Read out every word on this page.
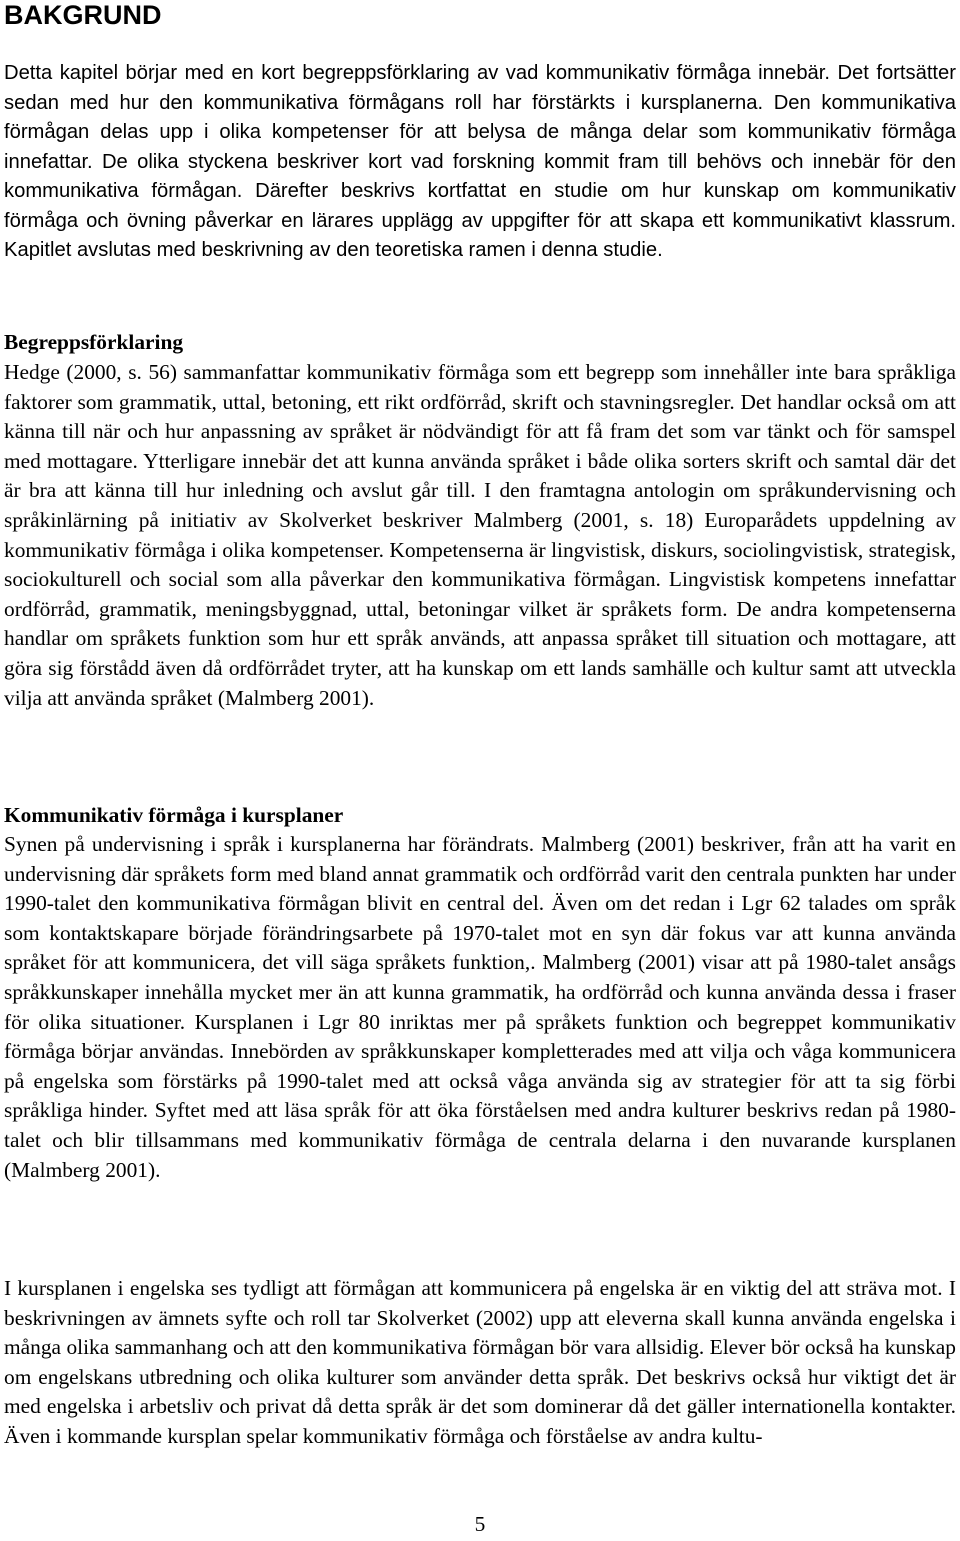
BAKGRUND

Detta kapitel börjar med en kort begreppsförklaring av vad kommunikativ förmåga innebär. Det fortsätter sedan med hur den kommunikativa förmågans roll har förstärkts i kursplanerna. Den kommunikativa förmågan delas upp i olika kompetenser för att belysa de många delar som kommunikativ förmåga innefattar. De olika styckena beskriver kort vad forskning kommit fram till behövs och innebär för den kommunikativa förmågan. Därefter beskrivs kortfattat en studie om hur kunskap om kommunikativ förmåga och övning påverkar en lärares upplägg av uppgifter för att skapa ett kommunikativt klassrum. Kapitlet avslutas med beskrivning av den teoretiska ramen i denna studie.

Begreppsförklaring

Hedge (2000, s. 56) sammanfattar kommunikativ förmåga som ett begrepp som innehåller inte bara språkliga faktorer som grammatik, uttal, betoning, ett rikt ordförråd, skrift och stavningsregler. Det handlar också om att känna till när och hur anpassning av språket är nödvändigt för att få fram det som var tänkt och för samspel med mottagare. Ytterligare innebär det att kunna använda språket i både olika sorters skrift och samtal där det är bra att känna till hur inledning och avslut går till. I den framtagna antologin om språkundervisning och språkinlärning på initiativ av Skolverket beskriver Malmberg (2001, s. 18) Europarådets uppdelning av kommunikativ förmåga i olika kompetenser. Kompetenserna är lingvistisk, diskurs, sociolingvistisk, strategisk, sociokulturell och social som alla påverkar den kommunikativa förmågan. Lingvistisk kompetens innefattar ordförråd, grammatik, meningsbyggnad, uttal, betoningar vilket är språkets form. De andra kompetenserna handlar om språkets funktion som hur ett språk används, att anpassa språket till situation och mottagare, att göra sig förstådd även då ordförrådet tryter, att ha kunskap om ett lands samhälle och kultur samt att utveckla vilja att använda språket (Malmberg 2001).

Kommunikativ förmåga i kursplaner

Synen på undervisning i språk i kursplanerna har förändrats. Malmberg (2001) beskriver, från att ha varit en undervisning där språkets form med bland annat grammatik och ordförråd varit den centrala punkten har under 1990-talet den kommunikativa förmågan blivit en central del. Även om det redan i Lgr 62 talades om språk som kontaktskapare började förändringsarbete på 1970-talet mot en syn där fokus var att kunna använda språket för att kommunicera, det vill säga språkets funktion,. Malmberg (2001) visar att på 1980-talet ansågs språkkunskaper innehålla mycket mer än att kunna grammatik, ha ordförråd och kunna använda dessa i fraser för olika situationer. Kursplanen i Lgr 80 inriktas mer på språkets funktion och begreppet kommunikativ förmåga börjar användas. Innebörden av språkkunskaper kompletterades med att vilja och våga kommunicera på engelska som förstärks på 1990-talet med att också våga använda sig av strategier för att ta sig förbi språkliga hinder. Syftet med att läsa språk för att öka förståelsen med andra kulturer beskrivs redan på 1980-talet och blir tillsammans med kommunikativ förmåga de centrala delarna i den nuvarande kursplanen (Malmberg 2001).

I kursplanen i engelska ses tydligt att förmågan att kommunicera på engelska är en viktig del att sträva mot. I beskrivningen av ämnets syfte och roll tar Skolverket (2002) upp att eleverna skall kunna använda engelska i många olika sammanhang och att den kommunikativa förmågan bör vara allsidig. Elever bör också ha kunskap om engelskans utbredning och olika kulturer som använder detta språk. Det beskrivs också hur viktigt det är med engelska i arbetsliv och privat då detta språk är det som dominerar då det gäller internationella kontakter. Även i kommande kursplan spelar kommunikativ förmåga och förståelse av andra kultu-

5
